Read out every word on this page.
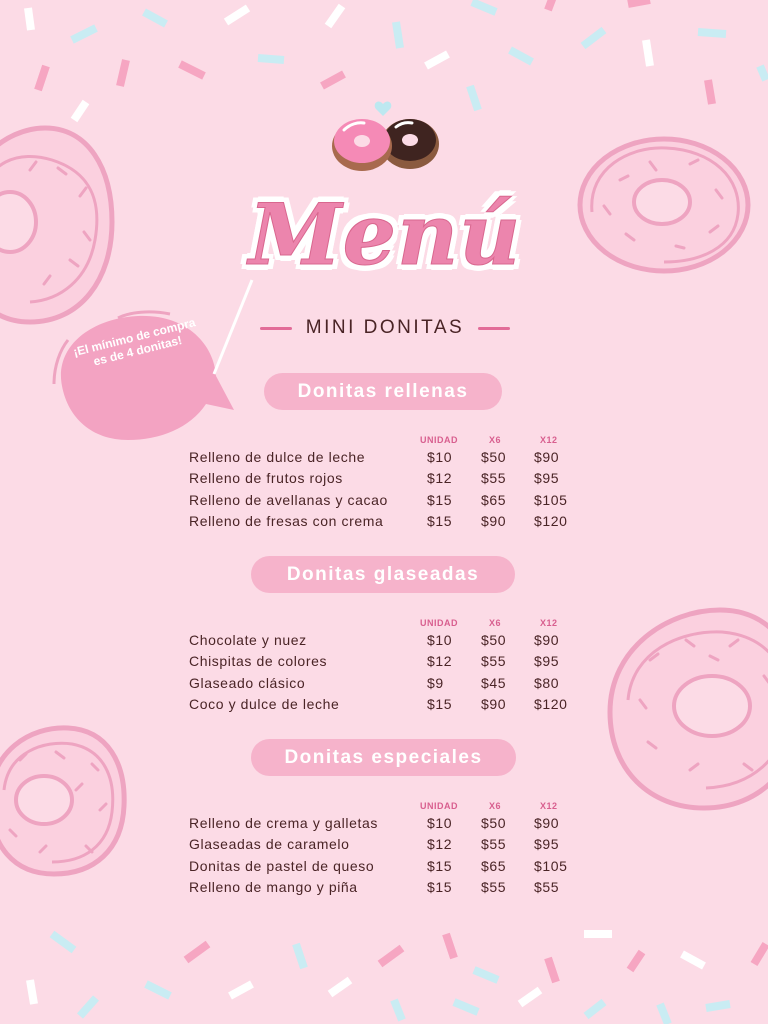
Menú
MINI DONITAS
¡El mínimo de compra es de 4 donitas!
Donitas rellenas
UNIDAD	X6	X12
Relleno de dulce de leche	$10 $50 $90
Relleno de frutos rojos	$12 $55 $95
Relleno de avellanas y cacao	$15 $65 $105
Relleno de fresas con crema	$15 $90 $120
Donitas glaseadas
UNIDAD	X6	X12
Chocolate y nuez	$10 $50 $90
Chispitas de colores	$12 $55 $95
Glaseado clásico	$9	$45 $80
Coco y dulce de leche	$15 $90 $120
Donitas especiales
UNIDAD	X6	X12
Relleno de crema y galletas	$10 $50 $90
Glaseadas de caramelo	$12 $55 $95
Donitas de pastel de queso	$15 $65 $105
Relleno de mango y piña	$15 $55 $55
